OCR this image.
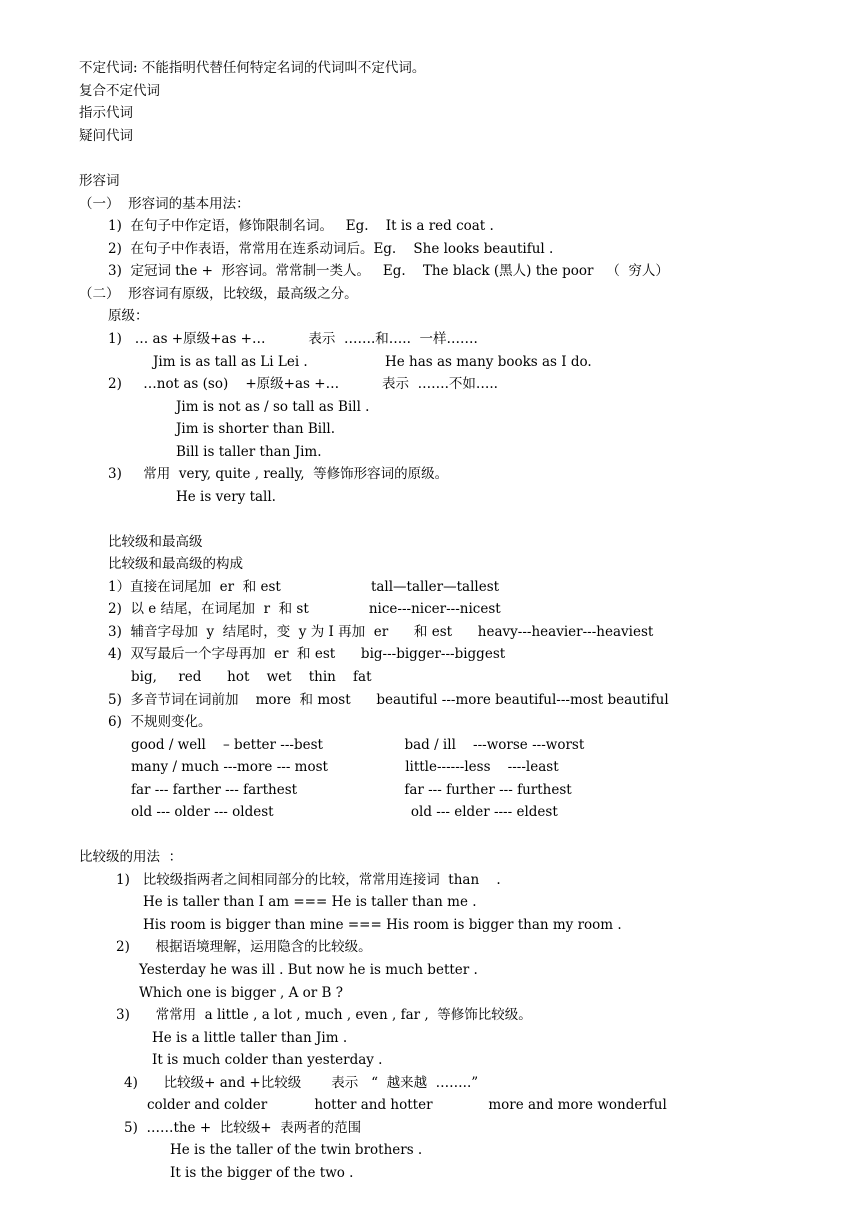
不定代词: 不能指明代替任何特定名词的代词叫不定代词。
复合不定代词
指示代词
疑问代词
形容词
（一）  形容词的基本用法：
1)  在句子中作定语，修饰限制名词。   Eg.    It is a red coat .
2)  在句子中作表语，常常用在连系动词后。Eg.    She looks beautiful .
3)  定冠词 the +  形容词。常常制一类人。   Eg.    The black (黑人) the poor   （  穷人）
（二）  形容词有原级，比较级，最高级之分。
原级：
1)   … as +原级+as +…          表示  …….和…..  一样…….
Jim is as tall as Li Lei .                  He has as many books as I do.
2)     …not as (so)    +原级+as +…          表示  …….不如…..
Jim is not as / so tall as Bill .
Jim is shorter than Bill.
Bill is taller than Jim.
3)     常用  very, quite , really,  等修饰形容词的原级。
He is very tall.
比较级和最高级
比较级和最高级的构成
1）直接在词尾加  er  和 est                     tall—taller—tallest
2)  以 e 结尾，在词尾加  r  和 st              nice---nicer---nicest
3)  辅音字母加  y  结尾时，变  y 为 I 再加  er      和 est      heavy---heavier---heaviest
4)  双写最后一个字母再加  er  和 est      big---bigger---biggest
big,     red      hot    wet    thin    fat
5)  多音节词在词前加    more  和 most      beautiful ---more beautiful---most beautiful
6)  不规则变化。
good / well    – better ---best                   bad / ill    ---worse ---worst
many / much ---more --- most                  little------less    ----least
far --- farther --- farthest                         far --- further --- furthest
old --- older --- oldest                                old --- elder ---- eldest
比较级的用法  ：
1)   比较级指两者之间相同部分的比较，常常用连接词  than    .
He is taller than I am === He is taller than me .
His room is bigger than mine === His room is bigger than my room .
2)      根据语境理解，运用隐含的比较级。
Yesterday he was ill . But now he is much better .
Which one is bigger , A or B ?
3)      常常用  a little , a lot , much , even , far ,  等修饰比较级。
He is a little taller than Jim .
It is much colder than yesterday .
4)      比较级+ and +比较级       表示   “  越来越  ……..”
colder and colder           hotter and hotter             more and more wonderful
5)  ……the +  比较级+  表两者的范围
He is the taller of the twin brothers .
It is the bigger of the two .
